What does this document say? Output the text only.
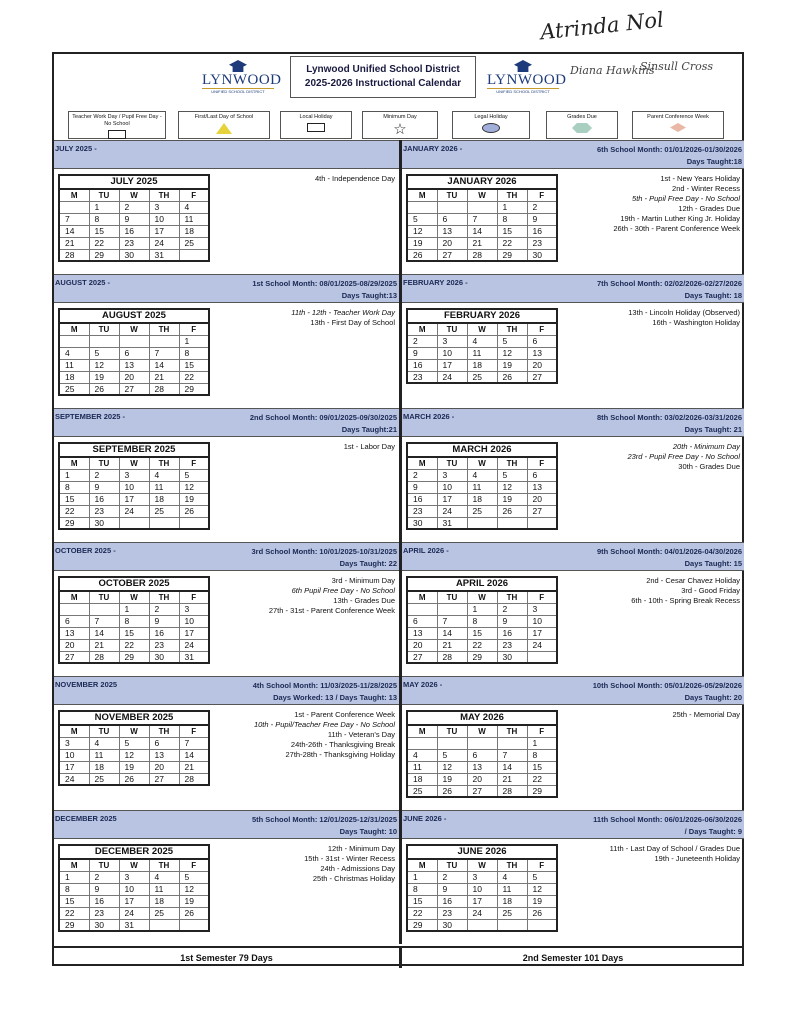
Atrinda Nol
Diana Hawkins
Sinsull Cross
LYNWOOD
UNIFIED SCHOOL DISTRICT
Lynwood Unified School District
2025-2026 Instructional Calendar	LYNWOOD
UNIFIED SCHOOL DISTRICT
Teacher Work Day / Pupil Free Day - No School
First/Last Day of School	Local Holiday	Minimum Day
☆
Legal Holiday	Grades Due	Parent Conference Week
JULY 2025 -
JULY 2025
M	TU	W	TH	F
	1	2	3	4
7	8	9	10	11
14	15	16	17	18
21	22	23	24	25
28	29	30	31	
4th - Independence Day
AUGUST 2025 -	1st School Month: 08/01/2025-08/29/2025
Days Taught:13
AUGUST 2025
M	TU	W	TH	F
				1
4	5	6	7	8
11	12	13	14	15
18	19	20	21	22
25	26	27	28	29
11th - 12th - Teacher Work Day
13th - First Day of School
SEPTEMBER 2025 -	2nd School Month: 09/01/2025-09/30/2025
Days Taught:21
SEPTEMBER 2025
M	TU	W	TH	F
1	2	3	4	5
8	9	10	11	12
15	16	17	18	19
22	23	24	25	26
29	30			
1st - Labor Day
OCTOBER 2025 -	3rd School Month: 10/01/2025-10/31/2025
Days Taught: 22
OCTOBER 2025
M	TU	W	TH	F
		1	2	3
6	7	8	9	10
13	14	15	16	17
20	21	22	23	24
27	28	29	30	31
3rd - Minimum Day
6th Pupil Free Day - No School
13th - Grades Due
27th - 31st - Parent Conference Week
NOVEMBER 2025	4th School Month: 11/03/2025-11/28/2025
Days Worked: 13 / Days Taught: 13
NOVEMBER 2025
M	TU	W	TH	F
3	4	5	6	7
10	11	12	13	14
17	18	19	20	21
24	25	26	27	28
1st - Parent Conference Week
10th - Pupil/Teacher Free Day - No School
11th - Veteran's Day
24th-26th - Thanksgiving Break
27th-28th - Thanksgiving Holiday
DECEMBER 2025	5th School Month: 12/01/2025-12/31/2025
Days Taught: 10
DECEMBER 2025
M	TU	W	TH	F
1	2	3	4	5
8	9	10	11	12
15	16	17	18	19
22	23	24	25	26
29	30	31		
12th - Minimum Day
15th - 31st - Winter Recess
24th - Admissions Day
25th - Christmas Holiday
JANUARY 2026 -	6th School Month: 01/01/2026-01/30/2026
Days Taught:18
JANUARY 2026
M	TU	W	TH	F
			1	2
5	6	7	8	9
12	13	14	15	16
19	20	21	22	23
26	27	28	29	30
1st - New Years Holiday
2nd - Winter Recess
5th - Pupil Free Day - No School
12th - Grades Due
19th - Martin Luther King Jr. Holiday
26th - 30th - Parent Conference Week
FEBRUARY 2026 -	7th School Month: 02/02/2026-02/27/2026
Days Taught: 18
FEBRUARY 2026
M	TU	W	TH	F
2	3	4	5	6
9	10	11	12	13
16	17	18	19	20
23	24	25	26	27
13th - Lincoln Holiday (Observed)
16th - Washington Holiday
MARCH 2026 -	8th School Month: 03/02/2026-03/31/2026
Days Taught: 21
MARCH 2026
M	TU	W	TH	F
2	3	4	5	6
9	10	11	12	13
16	17	18	19	20
23	24	25	26	27
30	31			
20th - Minimum Day
23rd - Pupil Free Day - No School
30th - Grades Due
APRIL 2026 -	9th School Month: 04/01/2026-04/30/2026
Days Taught: 15
APRIL 2026
M	TU	W	TH	F
		1	2	3
6	7	8	9	10
13	14	15	16	17
20	21	22	23	24
27	28	29	30	
2nd - Cesar Chavez Holiday
3rd - Good Friday
6th - 10th - Spring Break Recess
MAY 2026 -	10th School Month: 05/01/2026-05/29/2026
Days Taught: 20
MAY 2026
M	TU	W	TH	F
				1
4	5	6	7	8
11	12	13	14	15
18	19	20	21	22
25	26	27	28	29
25th - Memorial Day
JUNE 2026 -	11th School Month: 06/01/2026-06/30/2026
/ Days Taught: 9
JUNE 2026
M	TU	W	TH	F
1	2	3	4	5
8	9	10	11	12
15	16	17	18	19
22	23	24	25	26
29	30			
11th - Last Day of School / Grades Due
19th - Juneteenth Holiday
1st Semester 79 Days	2nd Semester 101 Days
